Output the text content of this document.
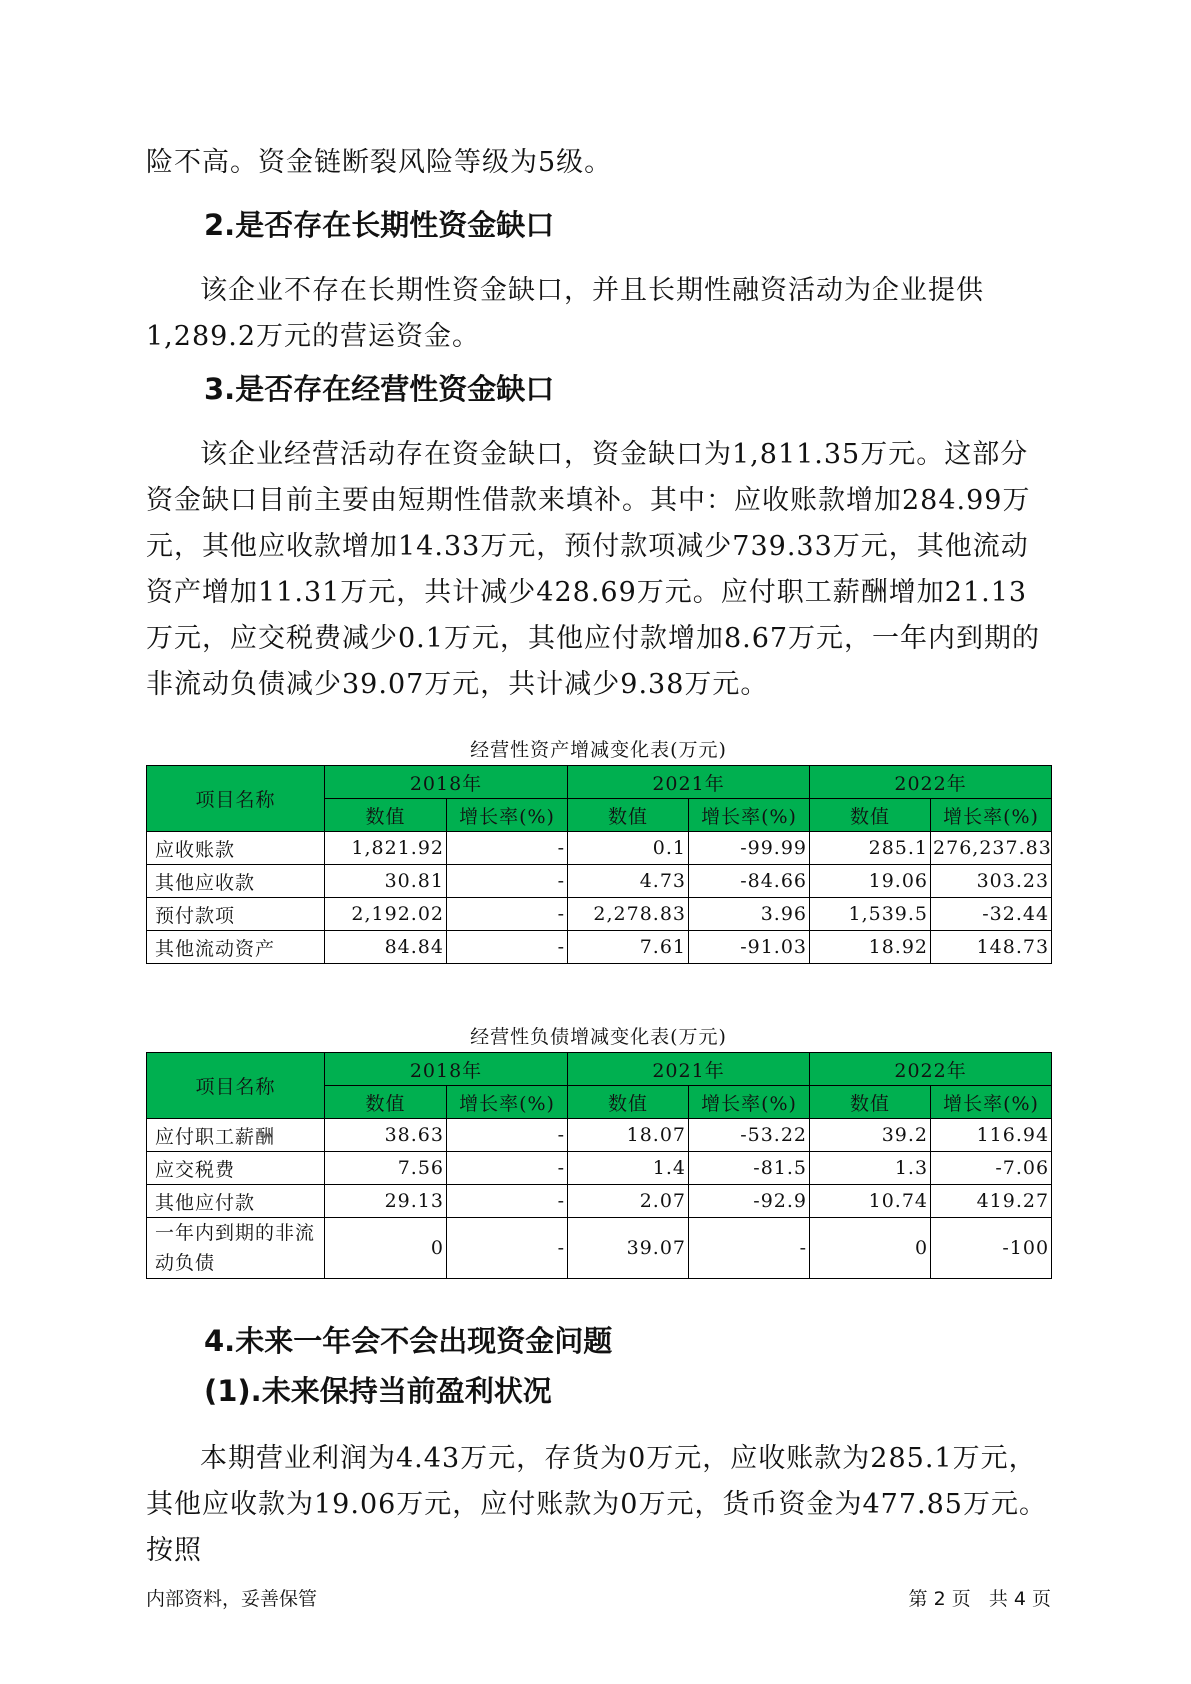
险不高。资金链断裂风险等级为5级。

2.是否存在长期性资金缺口

该企业不存在长期性资金缺口，并且长期性融资活动为企业提供1,289.2万元的营运资金。

3.是否存在经营性资金缺口

该企业经营活动存在资金缺口，资金缺口为1,811.35万元。这部分资金缺口目前主要由短期性借款来填补。其中：应收账款增加284.99万元，其他应收款增加14.33万元，预付款项减少739.33万元，其他流动资产增加11.31万元，共计减少428.69万元。应付职工薪酬增加21.13万元，应交税费减少0.1万元，其他应付款增加8.67万元，一年内到期的非流动负债减少39.07万元，共计减少9.38万元。

经营性资产增减变化表(万元)

项目名称	2018年		2021年		2022年	
	数值	增长率(%)	数值	增长率(%)	数值	增长率(%)
应收账款	1,821.92	-	0.1	-99.99	285.1	276,237.83
其他应收款	30.81	-	4.73	-84.66	19.06	303.23
预付款项	2,192.02	-	2,278.83	3.96	1,539.5	-32.44
其他流动资产	84.84	-	7.61	-91.03	18.92	148.73

经营性负债增减变化表(万元)

项目名称	2018年		2021年		2022年	
	数值	增长率(%)	数值	增长率(%)	数值	增长率(%)
应付职工薪酬	38.63	-	18.07	-53.22	39.2	116.94
应交税费	7.56	-	1.4	-81.5	1.3	-7.06
其他应付款	29.13	-	2.07	-92.9	10.74	419.27
一年内到期的非流动负债	0	-	39.07	-	0	-100

4.未来一年会不会出现资金问题

(1).未来保持当前盈利状况

本期营业利润为4.43万元，存货为0万元，应收账款为285.1万元，其他应收款为19.06万元，应付账款为0万元，货币资金为477.85万元。按照

内部资料，妥善保管	第 2 页   共 4 页
